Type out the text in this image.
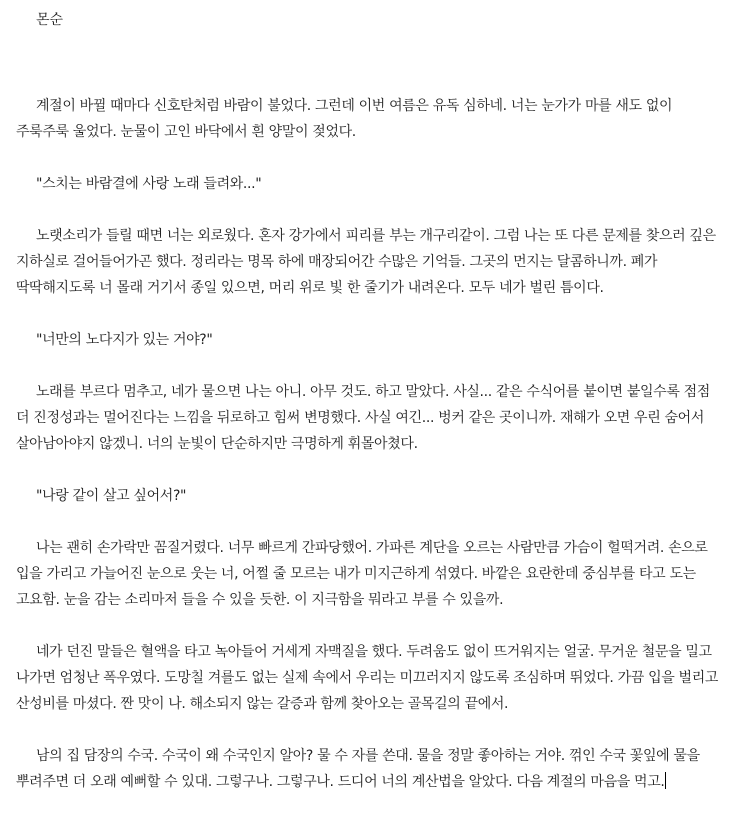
몬순

계절이 바뀔 때마다 신호탄처럼 바람이 불었다. 그런데 이번 여름은 유독 심하네. 너는 눈가가 마를 새도 없이 주룩주룩 울었다. 눈물이 고인 바닥에서 흰 양말이 젖었다.

"스치는 바람결에 사랑 노래 들려와..."

노랫소리가 들릴 때면 너는 외로웠다. 혼자 강가에서 피리를 부는 개구리같이. 그럼 나는 또 다른 문제를 찾으러 깊은 지하실로 걸어들어가곤 했다. 정리라는 명목 하에 매장되어간 수많은 기억들. 그곳의 먼지는 달콤하니까. 폐가 딱딱해지도록 너 몰래 거기서 종일 있으면, 머리 위로 빛 한 줄기가 내려온다. 모두 네가 벌린 틈이다.

"너만의 노다지가 있는 거야?"

노래를 부르다 멈추고, 네가 물으면 나는 아니. 아무 것도. 하고 말았다. 사실... 같은 수식어를 붙이면 붙일수록 점점 더 진정성과는 멀어진다는 느낌을 뒤로하고 힘써 변명했다. 사실 여긴... 벙커 같은 곳이니까. 재해가 오면 우린 숨어서 살아남아야지 않겠니. 너의 눈빛이 단순하지만 극명하게 휘몰아쳤다.

"나랑 같이 살고 싶어서?"

나는 괜히 손가락만 꼼질거렸다. 너무 빠르게 간파당했어. 가파른 계단을 오르는 사람만큼 가슴이 헐떡거려. 손으로 입을 가리고 가늘어진 눈으로 웃는 너, 어쩔 줄 모르는 내가 미지근하게 섞였다. 바깥은 요란한데 중심부를 타고 도는 고요함. 눈을 감는 소리마저 들을 수 있을 듯한. 이 지극함을 뭐라고 부를 수 있을까.

네가 던진 말들은 혈액을 타고 녹아들어 거세게 자맥질을 했다. 두려움도 없이 뜨거워지는 얼굴. 무거운 철문을 밀고 나가면 엄청난 폭우였다. 도망칠 겨를도 없는 실제 속에서 우리는 미끄러지지 않도록 조심하며 뛰었다. 가끔 입을 벌리고 산성비를 마셨다. 짠 맛이 나. 해소되지 않는 갈증과 함께 찾아오는 골목길의 끝에서.

남의 집 담장의 수국. 수국이 왜 수국인지 알아? 물 수 자를 쓴대. 물을 정말 좋아하는 거야. 꺾인 수국 꽃잎에 물을 뿌려주면 더 오래 예뻐할 수 있대. 그렇구나. 그렇구나. 드디어 너의 계산법을 알았다. 다음 계절의 마음을 먹고.
